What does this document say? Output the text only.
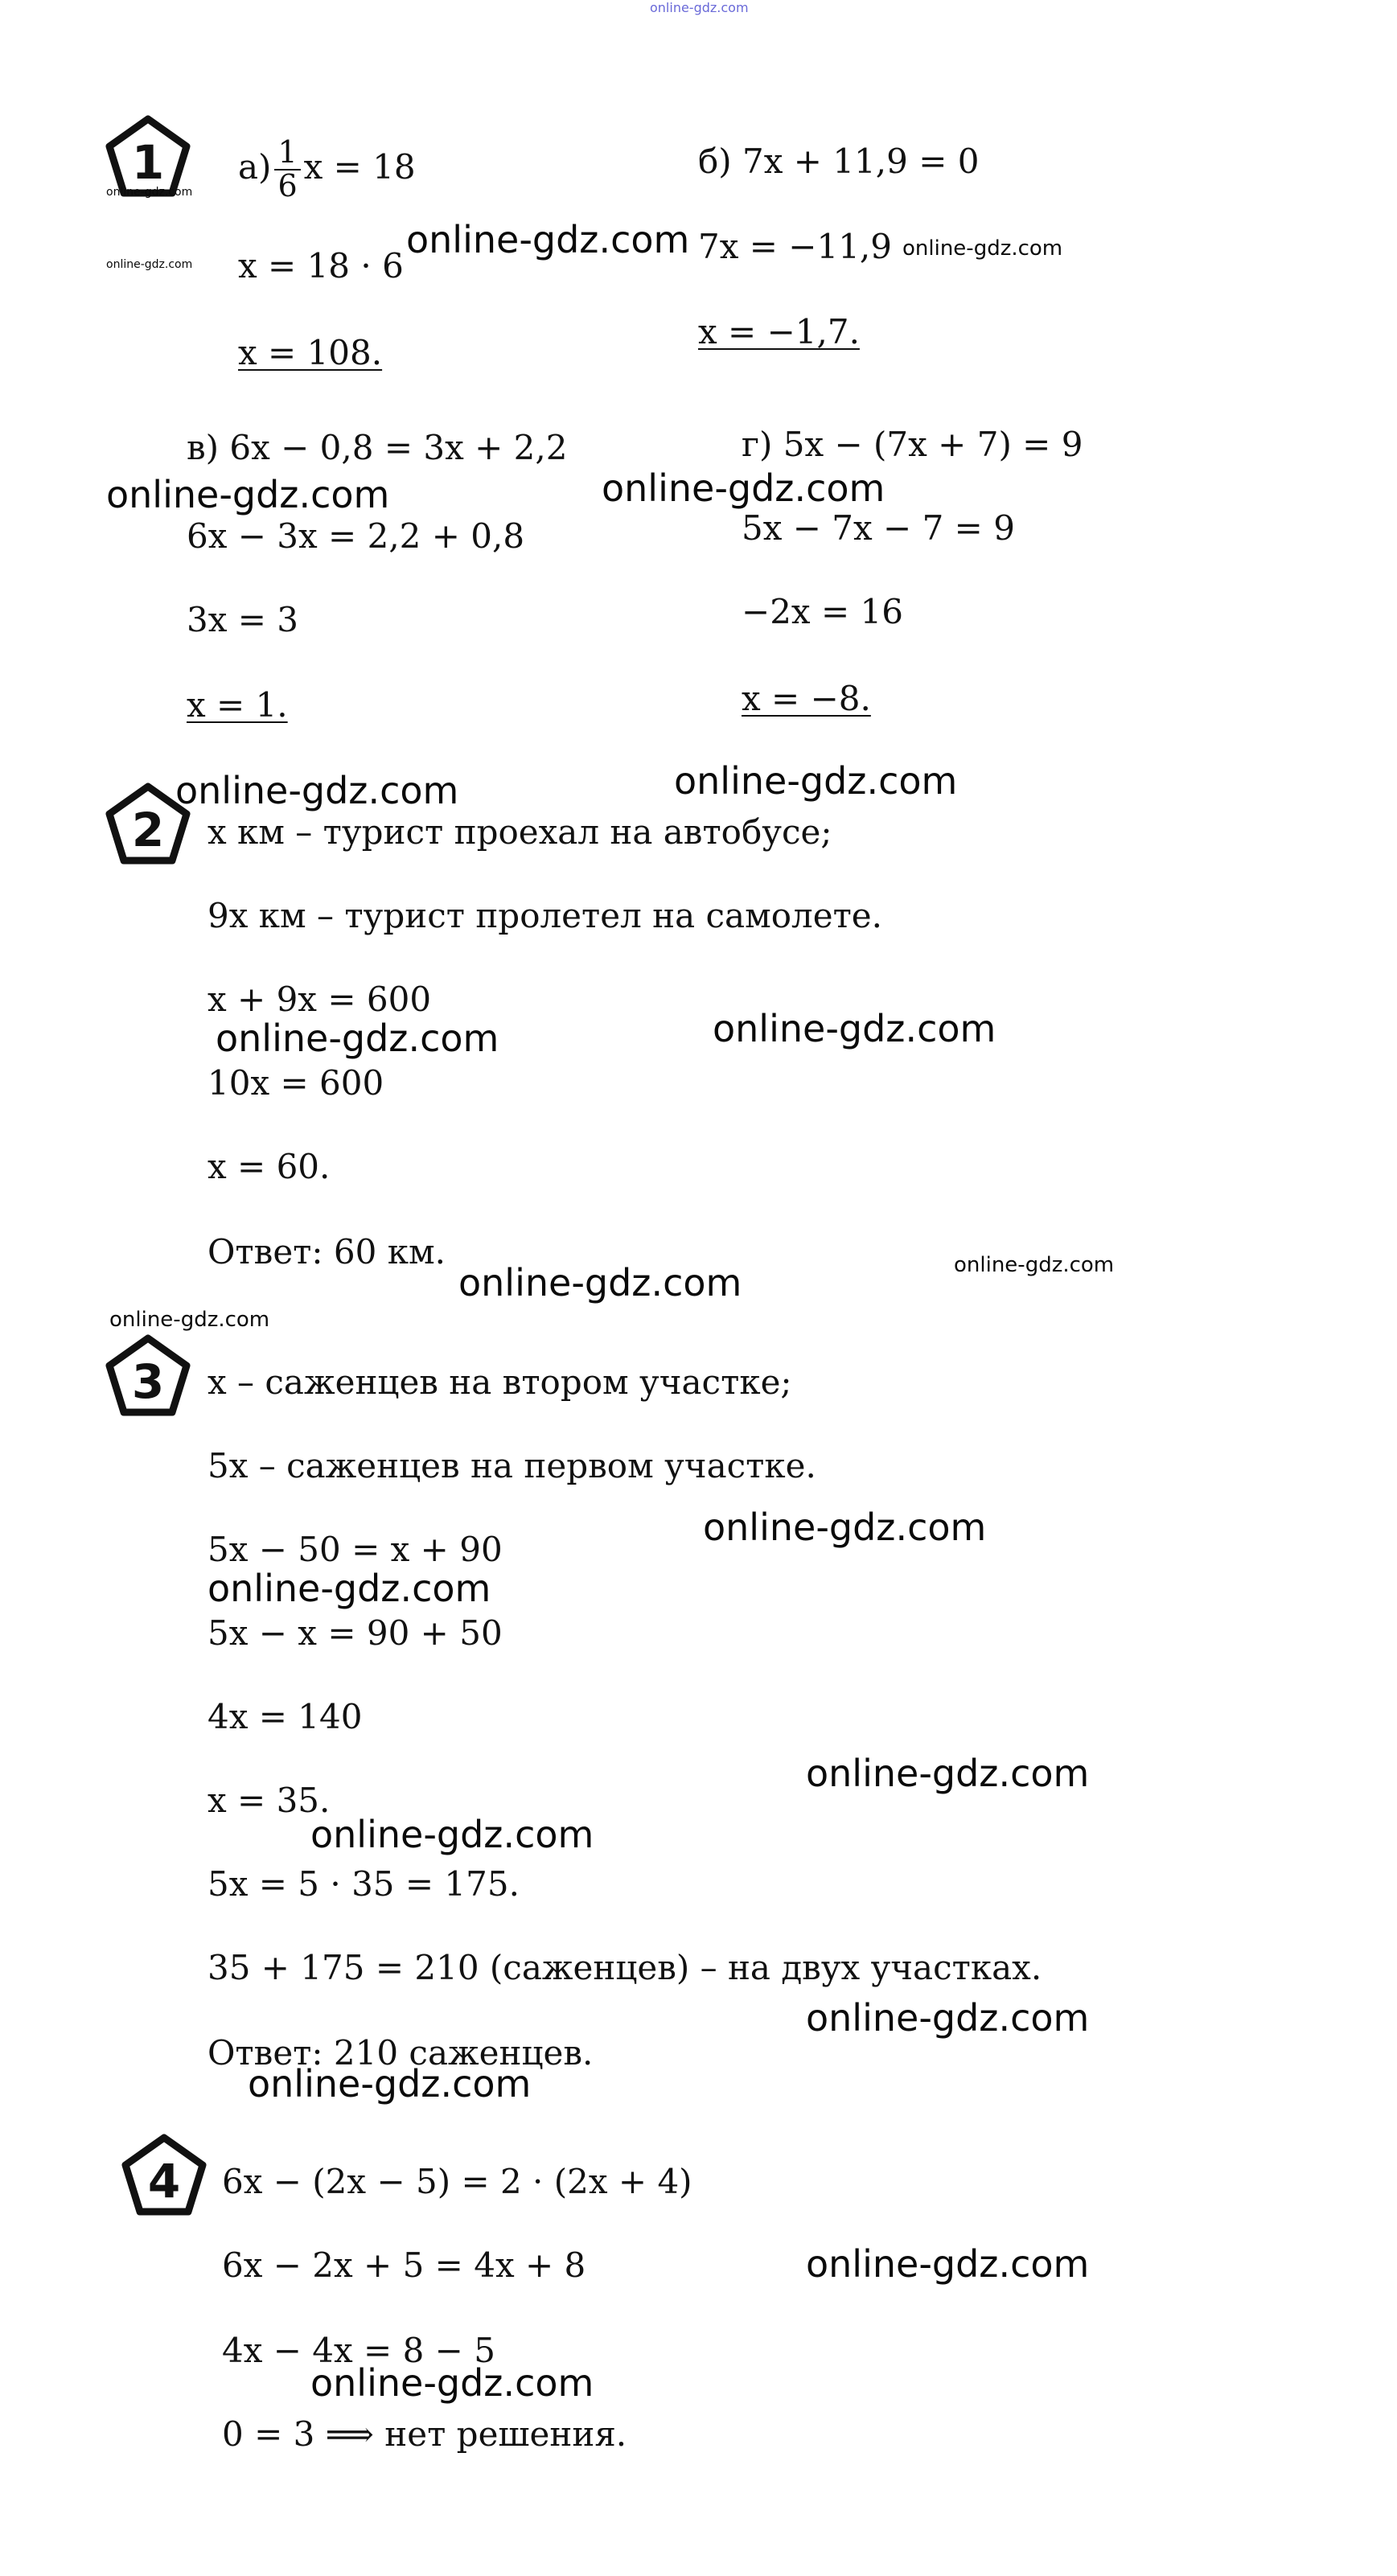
online-gdz.com
1
online-gdz.com
online-gdz.com
$а) \frac{1}{6}$ x = 18
x = 18 · 6
online-gdz.com
x = 108.
б) 7x + 11,9 = 0
7x = −11,9 online-gdz.com
x = −1,7.
в) 6x − 0,8 = 3x + 2,2
online-gdz.com
6x − 3x = 2,2 + 0,8
3x = 3
x = 1.
г) 5x − (7x + 7) = 9
online-gdz.com
5x − 7x − 7 = 9
−2x = 16
x = −8.
2
online-gdz.com	online-gdz.com
x км – турист проехал на автобусе;
9x км – турист пролетел на самолете.
x + 9x = 600
online-gdz.com	online-gdz.com
10x = 600
x = 60.
Ответ: 60 км.
online-gdz.com	online-gdz.com
online-gdz.com
3 x – саженцев на втором участке;
5x – саженцев на первом участке.
5x − 50 = x + 90
online-gdz.com
online-gdz.com
5x − x = 90 + 50
4x = 140
online-gdz.com
x = 35.
online-gdz.com
5x = 5 · 35 = 175.
35 + 175 = 210 (саженцев) – на двух участках.
online-gdz.com
Ответ: 210 саженцев.
online-gdz.com
4 6x − (2x − 5) = 2 · (2x + 4)
6x − 2x + 5 = 4x + 8	online-gdz.com
4x − 4x = 8 − 5
online-gdz.com
0 = 3 ⟹ нет решения.
